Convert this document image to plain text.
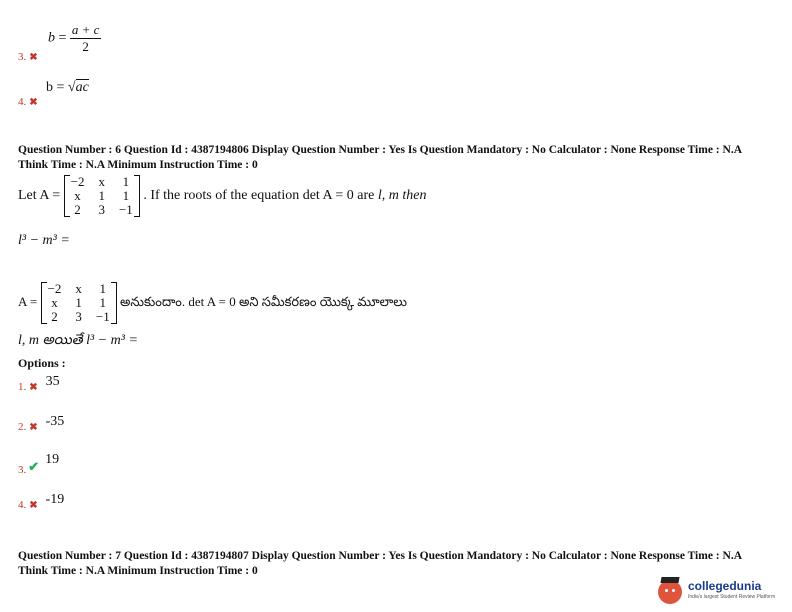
3. ✖
$b = \frac{a + c}{2}$
4. ✖
b = √ac
Question Number : 6 Question Id : 4387194806 Display Question Number : Yes Is Question Mandatory : No Calculator : None Response Time : N.A
Think Time : N.A Minimum Instruction Time : 0
Let A =
−2	x	1
x	1	1
2	3	−1
. If the roots of the equation det A = 0 are l, m then
l³ − m³ =
A =
−2	x	1
x	1	1
2	3	−1
అనుకుందాం. det A = 0 అని సమీకరణం యొక్క మూలాలు
l, m అయితే l³ − m³ =
Options :
$_{1.}$ $_✖$ 35
$_{2.}$ $_✖$ -35
$_{3.}$ $_✔$ 19
$_{4.}$ $_✖$ -19
Question Number : 7 Question Id : 4387194807 Display Question Number : Yes Is Question Mandatory : No Calculator : None Response Time : N.A
Think Time : N.A Minimum Instruction Time : 0
collegedunia
India's largest Student Review Platform
